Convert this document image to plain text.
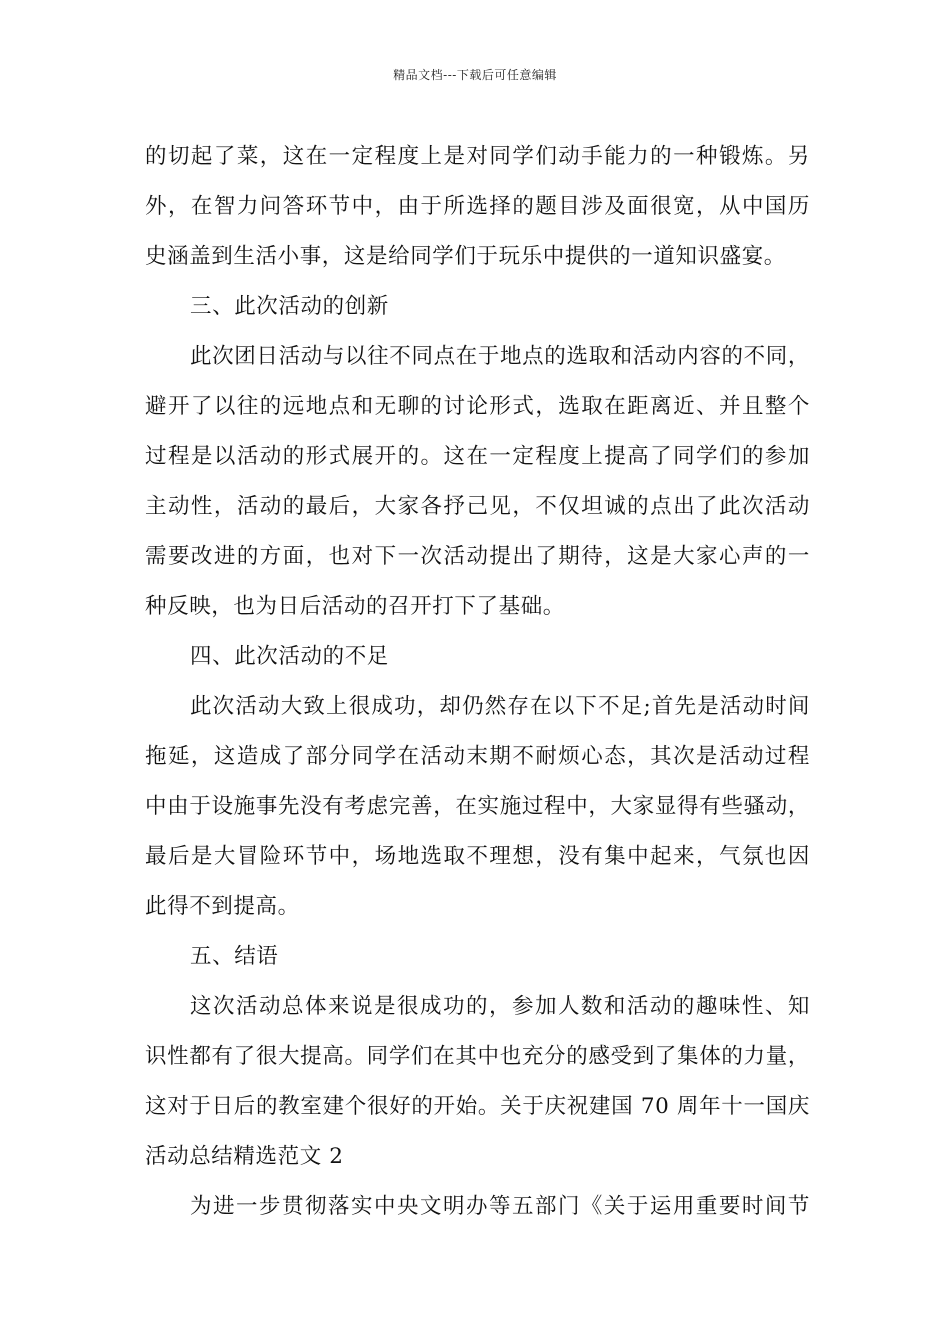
精品文档---下载后可任意编辑
的切起了菜，这在一定程度上是对同学们动手能力的一种锻炼。另
外，在智力问答环节中，由于所选择的题目涉及面很宽，从中国历
史涵盖到生活小事，这是给同学们于玩乐中提供的一道知识盛宴。
三、此次活动的创新
此次团日活动与以往不同点在于地点的选取和活动内容的不同，
避开了以往的远地点和无聊的讨论形式，选取在距离近、并且整个
过程是以活动的形式展开的。这在一定程度上提高了同学们的参加
主动性，活动的最后，大家各抒己见，不仅坦诚的点出了此次活动
需要改进的方面，也对下一次活动提出了期待，这是大家心声的一
种反映，也为日后活动的召开打下了基础。
四、此次活动的不足
此次活动大致上很成功，却仍然存在以下不足;首先是活动时间
拖延，这造成了部分同学在活动末期不耐烦心态，其次是活动过程
中由于设施事先没有考虑完善，在实施过程中，大家显得有些骚动，
最后是大冒险环节中，场地选取不理想，没有集中起来，气氛也因
此得不到提高。
五、结语
这次活动总体来说是很成功的，参加人数和活动的趣味性、知
识性都有了很大提高。同学们在其中也充分的感受到了集体的力量，
这对于日后的教室建个很好的开始。关于庆祝建国 70 周年十一国庆
活动总结精选范文 2
为进一步贯彻落实中央文明办等五部门《关于运用重要时间节
